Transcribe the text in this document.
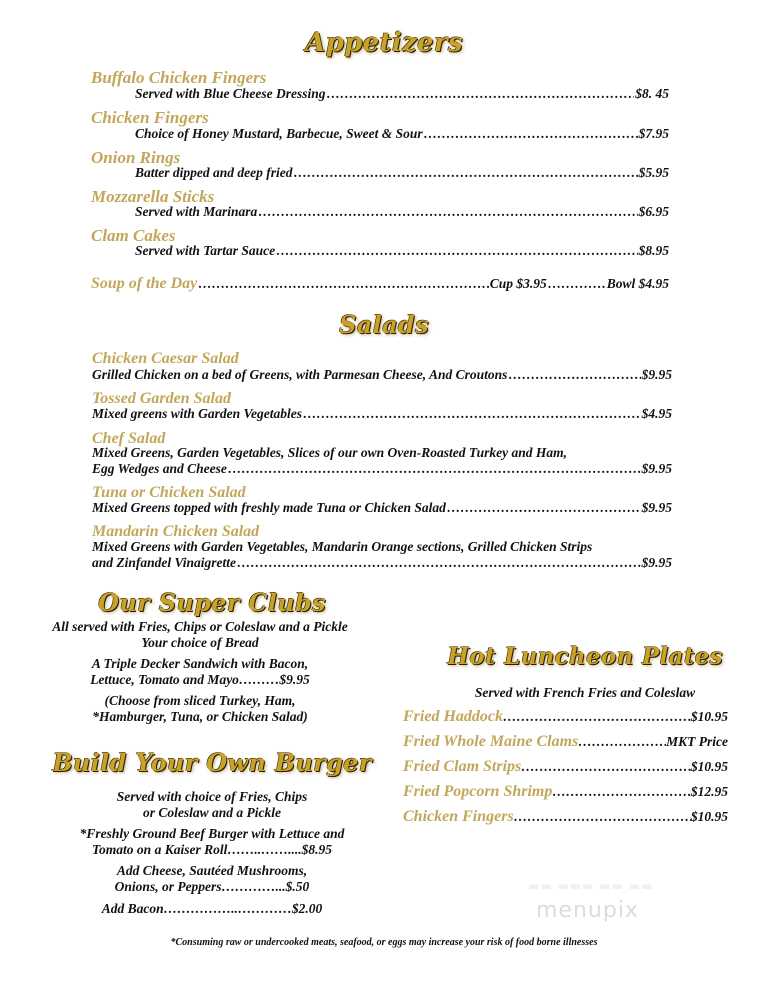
Appetizers
Buffalo Chicken Fingers
Served with Blue Cheese Dressing …………………………………………………………………………………………………………………………………………………………………………………………………………………	$8. 45
Chicken Fingers
Choice of Honey Mustard, Barbecue, Sweet & Sour …………………………………………………………………………………………………………………………………………………………………………………………………………………	$7.95
Onion Rings
Batter dipped and deep fried …………………………………………………………………………………………………………………………………………………………………………………………………………………	$5.95
Mozzarella Sticks
Served with Marinara …………………………………………………………………………………………………………………………………………………………………………………………………………………	$6.95
Clam Cakes
Served with Tartar Sauce …………………………………………………………………………………………………………………………………………………………………………………………………………………	$8.95
Soup of the Day …………………………………………………………………………………………………………………………………………………………………………………………………………………	Cup $3.95 …………………………………………………………………………………………………………………………………………………………………………………………………………………	Bowl $4.95
Salads
Chicken Caesar Salad
Grilled Chicken on a bed of Greens, with Parmesan Cheese, And Croutons …………………………………………………………………………………………………………………………………………………………………………………………………………………	$9.95
Tossed Garden Salad
Mixed greens with Garden Vegetables …………………………………………………………………………………………………………………………………………………………………………………………………………………	$4.95
Chef Salad
Mixed Greens, Garden Vegetables, Slices of our own Oven-Roasted Turkey and Ham,
Egg Wedges and Cheese …………………………………………………………………………………………………………………………………………………………………………………………………………………	$9.95
Tuna or Chicken Salad
Mixed Greens topped with freshly made Tuna or Chicken Salad …………………………………………………………………………………………………………………………………………………………………………………………………………………	$9.95
Mandarin Chicken Salad
Mixed Greens with Garden Vegetables, Mandarin Orange sections, Grilled Chicken Strips
and Zinfandel Vinaigrette …………………………………………………………………………………………………………………………………………………………………………………………………………………	$9.95
Our Super Clubs
All served with Fries, Chips or Coleslaw and a Pickle
Your choice of Bread
A Triple Decker Sandwich with Bacon,
Lettuce, Tomato and Mayo………$9.95
(Choose from sliced Turkey, Ham,
*Hamburger, Tuna, or Chicken Salad)
Build Your Own Burger
Served with choice of Fries, Chips
or Coleslaw and a Pickle
*Freshly Ground Beef Burger with Lettuce and
Tomato on a Kaiser Roll……..……....$8.95
Add Cheese, Sautéed Mushrooms,
Onions, or Peppers…………...$.50
Add Bacon……………..…………$2.00
Hot Luncheon Plates
Served with French Fries and Coleslaw
Fried Haddock …………………………………………………………………………………………………………	$10.95
Fried Whole Maine Clams …………………………………………………………………………………………………………	MKT Price
Fried Clam Strips …………………………………………………………………………………………………………	$10.95
Fried Popcorn Shrimp …………………………………………………………………………………………………………	$12.95
Chicken Fingers …………………………………………………………………………………………………………	$10.95
▬▬ ▬▬▬ ▬▬ ▬▬
menupix
*Consuming raw or undercooked meats, seafood, or eggs may increase your risk of food borne illnesses
